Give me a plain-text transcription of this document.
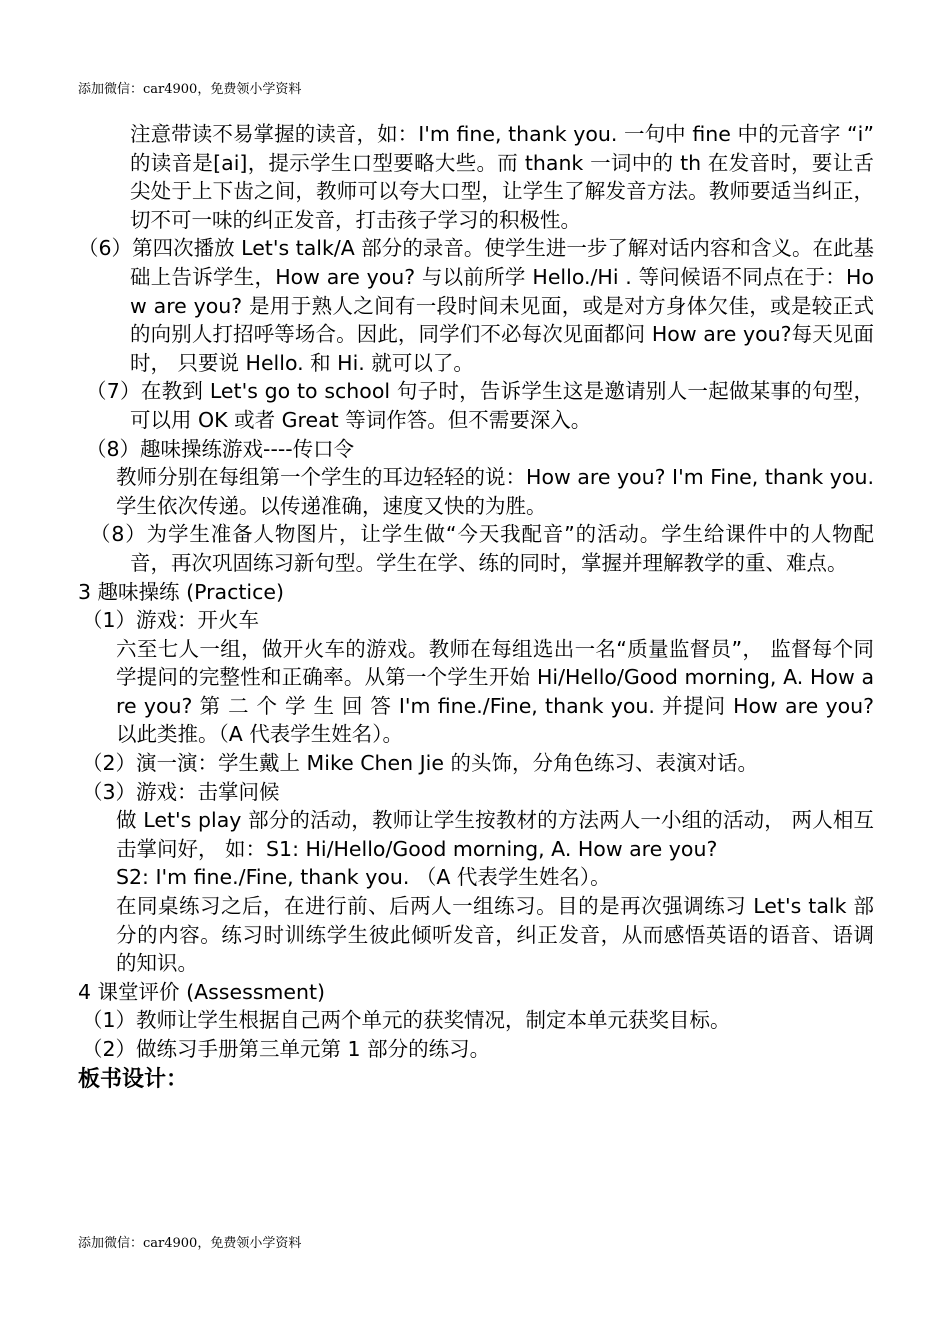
添加微信：car4900，免费领小学资料

注意带读不易掌握的读音，如：I'm fine, thank you. 一句中 fine 中的元音字 “i” 的读音是[ai]，提示学生口型要略大些。而 thank 一词中的 th 在发音时，要让舌尖处于上下齿之间，教师可以夸大口型，让学生了解发音方法。教师要适当纠正，切不可一味的纠正发音，打击孩子学习的积极性。

（6）第四次播放 Let's talk/A 部分的录音。使学生进一步了解对话内容和含义。在此基础上告诉学生，How are you? 与以前所学 Hello./Hi . 等问候语不同点在于：How are you? 是用于熟人之间有一段时间未见面，或是对方身体欠佳，或是较正式的向别人打招呼等场合。因此，同学们不必每次见面都问 How are you?每天见面时， 只要说 Hello. 和 Hi. 就可以了。

（7）在教到 Let's go to school 句子时，告诉学生这是邀请别人一起做某事的句型，可以用 OK 或者 Great 等词作答。但不需要深入。

（8）趣味操练游戏----传口令

教师分别在每组第一个学生的耳边轻轻的说：How are you? I'm Fine, thank you. 学生依次传递。以传递准确，速度又快的为胜。

（8）为学生准备人物图片，让学生做“今天我配音”的活动。学生给课件中的人物配音，再次巩固练习新句型。学生在学、练的同时，掌握并理解教学的重、难点。

3 趣味操练 (Practice)

（1）游戏：开火车

六至七人一组，做开火车的游戏。教师在每组选出一名“质量监督员”， 监督每个同学提问的完整性和正确率。从第一个学生开始 Hi/Hello/Good morning, A. How are you? 第 二 个 学 生 回 答 I'm fine./Fine, thank you. 并提问 How are you? 以此类推。（A 代表学生姓名）。

（2）演一演：学生戴上 Mike Chen Jie 的头饰，分角色练习、表演对话。

（3）游戏：击掌问候

做 Let's play 部分的活动，教师让学生按教材的方法两人一小组的活动， 两人相互击掌问好， 如：S1: Hi/Hello/Good morning, A. How are you?

S2: I'm fine./Fine, thank you. （A 代表学生姓名）。

在同桌练习之后，在进行前、后两人一组练习。目的是再次强调练习 Let's talk 部分的内容。练习时训练学生彼此倾听发音，纠正发音，从而感悟英语的语音、语调的知识。

4 课堂评价 (Assessment)

（1）教师让学生根据自己两个单元的获奖情况，制定本单元获奖目标。

（2）做练习手册第三单元第 1 部分的练习。

板书设计：

添加微信：car4900，免费领小学资料
